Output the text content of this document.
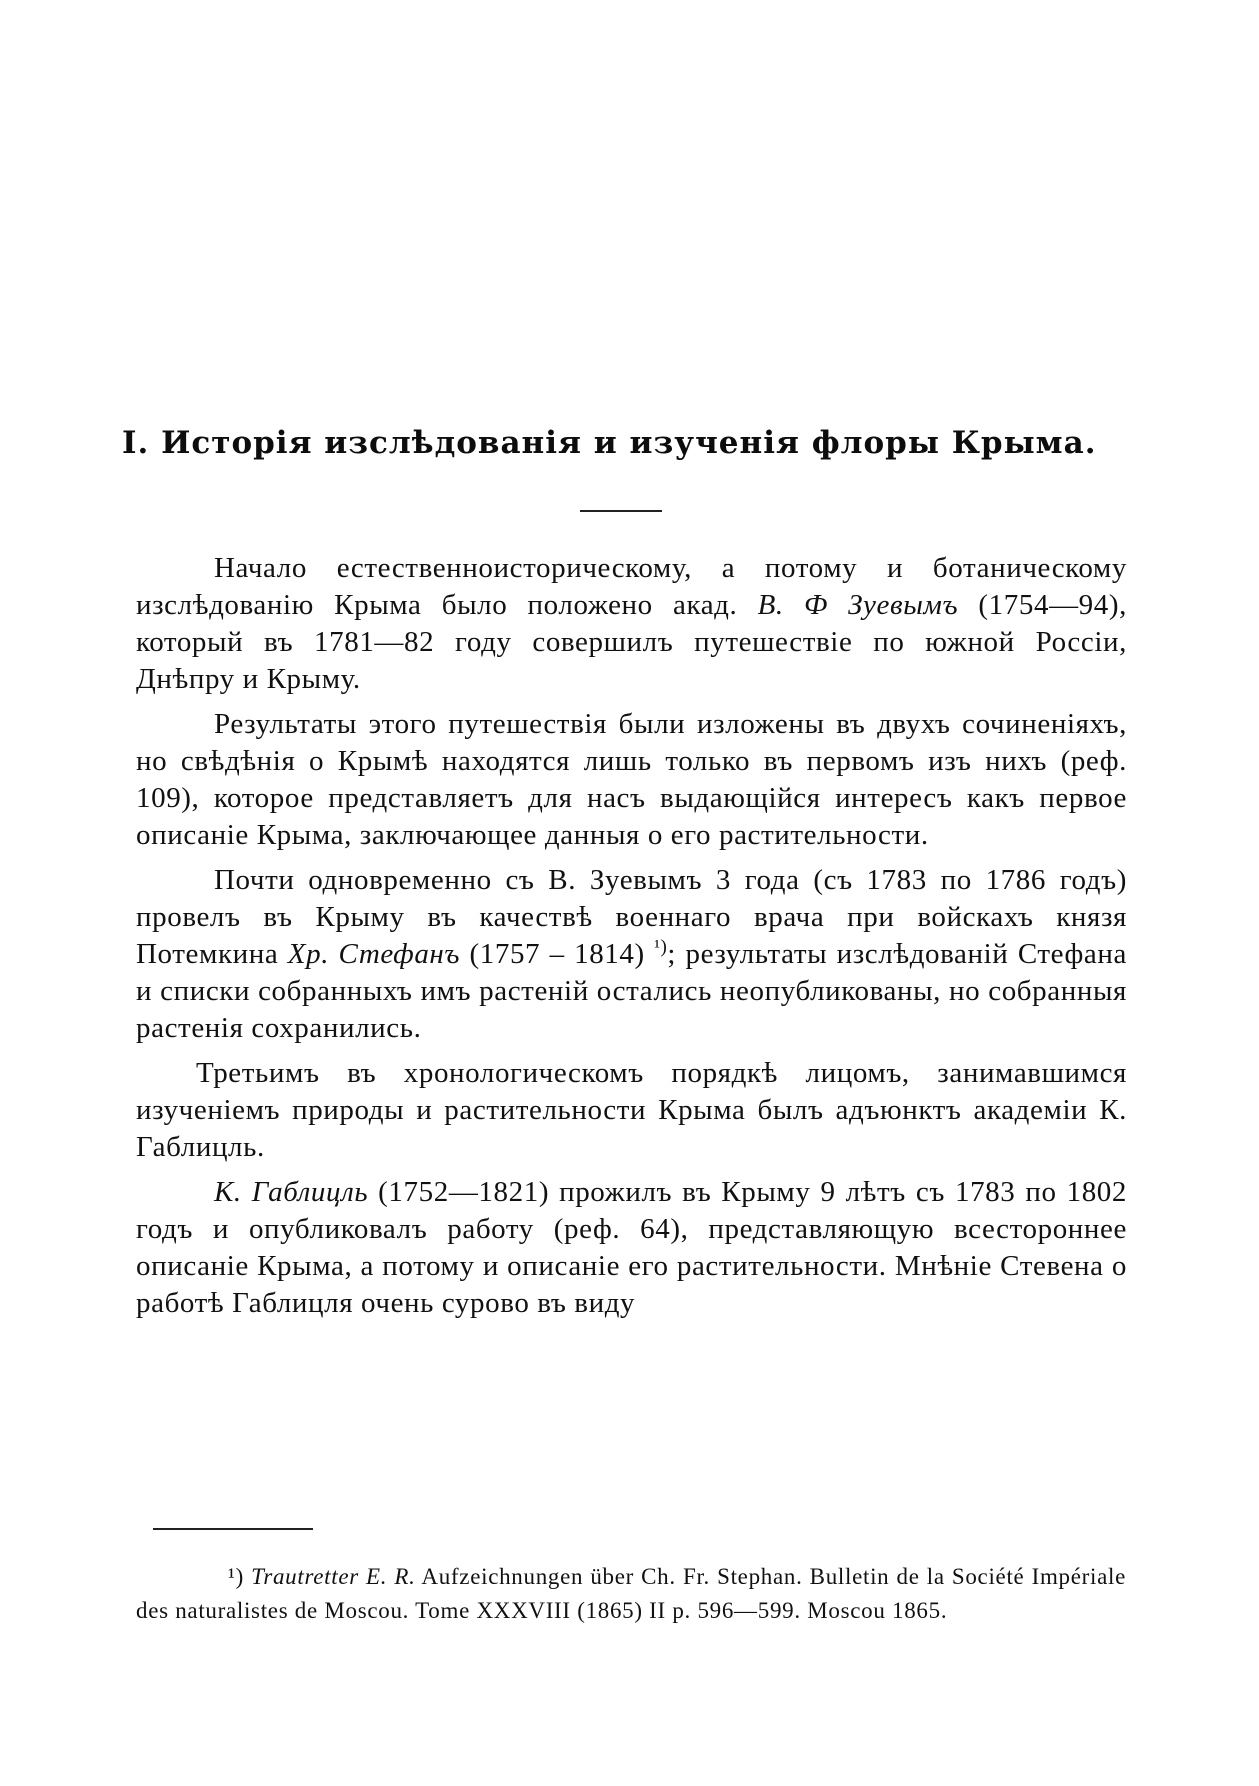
I. Исторія изслѣдованія и изученія флоры Крыма.

Начало естественноисторическому, а потому и ботаническому изслѣдованію Крыма было положено акад. В. Ф Зуевымъ (1754—94), который въ 1781—82 году совершилъ путешествіе по южной Россіи, Днѣпру и Крыму.

Результаты этого путешествія были изложены въ двухъ сочиненіяхъ, но свѣдѣнія о Крымѣ находятся лишь только въ первомъ изъ нихъ (реф. 109), которое представляетъ для насъ выдающійся интересъ какъ первое описаніе Крыма, заключающее данныя о его растительности.

Почти одновременно съ В. Зуевымъ 3 года (съ 1783 по 1786 годъ) провелъ въ Крыму въ качествѣ военнаго врача при войскахъ князя Потемкина Хр. Стефанъ (1757 – 1814) $^{^1)}$; результаты изслѣдованій Стефана и списки собранныхъ имъ растеній остались неопубликованы, но собранныя растенія сохранились.

Третьимъ въ хронологическомъ порядкѣ лицомъ, занимавшимся изученіемъ природы и растительности Крыма былъ адъюнктъ академіи К. Габлицль.

К. Габлицль (1752—1821) прожилъ въ Крыму 9 лѣтъ съ 1783 по 1802 годъ и опубликовалъ работу (реф. 64), представляющую всестороннее описаніе Крыма, а потому и описаніе его растительности. Мнѣніе Стевена о работѣ Габлицля очень сурово въ виду

¹) Trautretter E. R. Aufzeichnungen über Ch. Fr. Stephan. Bulletin de la Société Impériale des naturalistes de Moscou. Tome XXXVIII (1865) II p. 596—599. Moscou 1865.
